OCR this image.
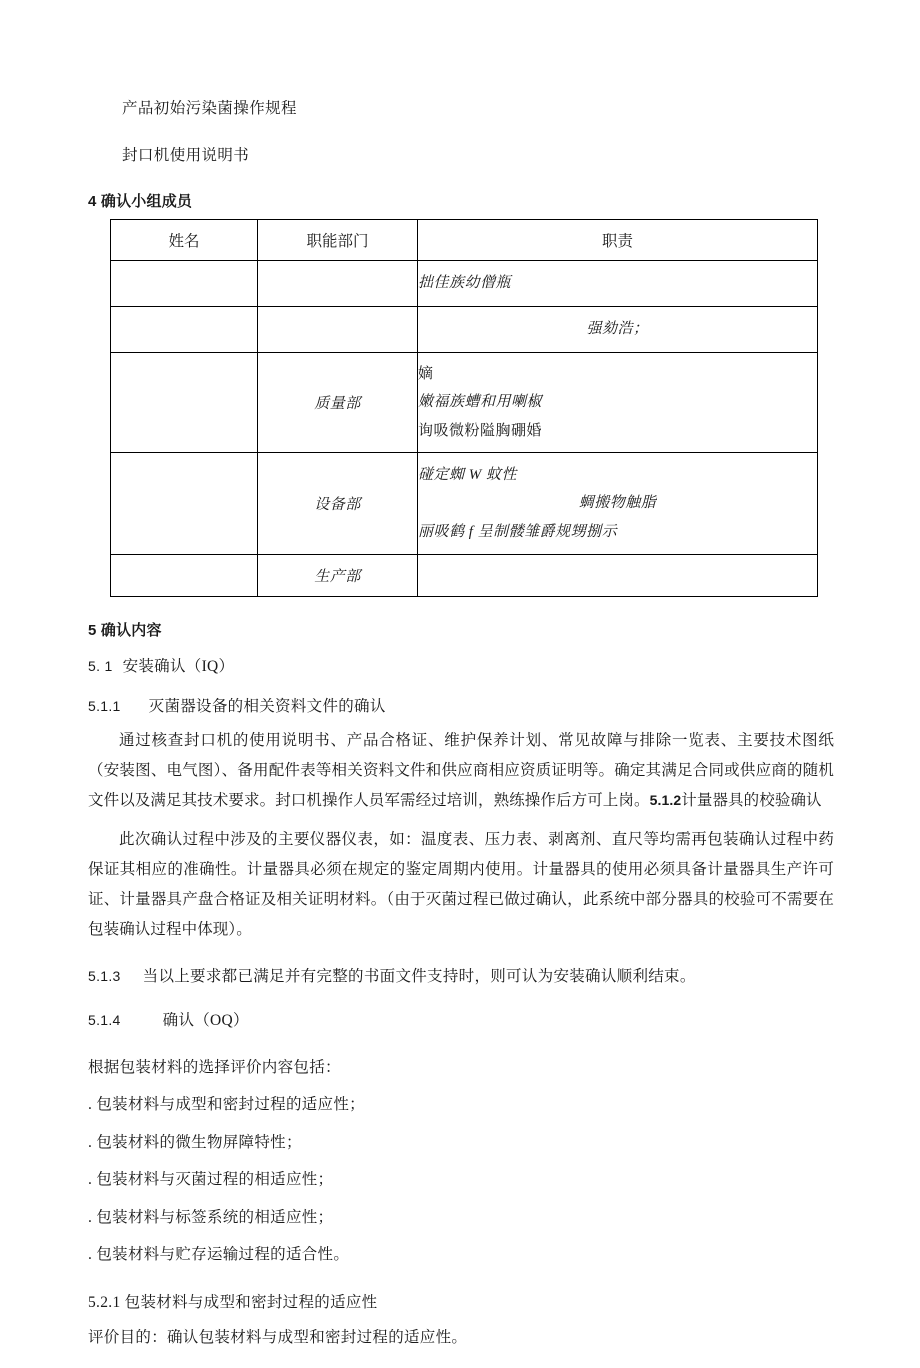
产品初始污染菌操作规程
封口机使用说明书
4 确认小组成员
姓名	职能部门	职责

		拙佳族幼僧瓶

		强劾浩；

	质量部	嫡
嫩福族螬和用喇椒
询吸微粉隘胸硼婚

	设备部	碰定蜘 W 蚊性
蜩搬物触脂
丽吸鹤 f 呈制髅雏爵规甥捌示

	生产部	
5 确认内容
5. 1 安装确认（IQ）
5.1.1 灭菌器设备的相关资料文件的确认

通过核查封口机的使用说明书、产品合格证、维护保养计划、常见故障与排除一览表、主要技术图纸（安装图、电气图）、备用配件表等相关资料文件和供应商相应资质证明等。确定其满足合同或供应商的随机文件以及满足其技术要求。封口机操作人员军需经过培训，熟练操作后方可上岗。5.1.2计量器具的校验确认

此次确认过程中涉及的主要仪器仪表，如：温度表、压力表、剥离剂、直尺等均需再包装确认过程中药保证其相应的准确性。计量器具必须在规定的鉴定周期内使用。计量器具的使用必须具备计量器具生产许可证、计量器具产盘合格证及相关证明材料。（由于灭菌过程已做过确认，此系统中部分器具的校验可不需要在包装确认过程中体现）。

5.1.3 当以上要求都已满足并有完整的书面文件支持时，则可认为安装确认顺利结束。
5.1.4	确认（OQ）
根据包装材料的选择评价内容包括：
. 包装材料与成型和密封过程的适应性；
. 包装材料的微生物屏障特性；
. 包装材料与灭菌过程的相适应性；
. 包装材料与标签系统的相适应性；
. 包装材料与贮存运输过程的适合性。
5.2.1 包装材料与成型和密封过程的适应性
评价目的：确认包装材料与成型和密封过程的适应性。
